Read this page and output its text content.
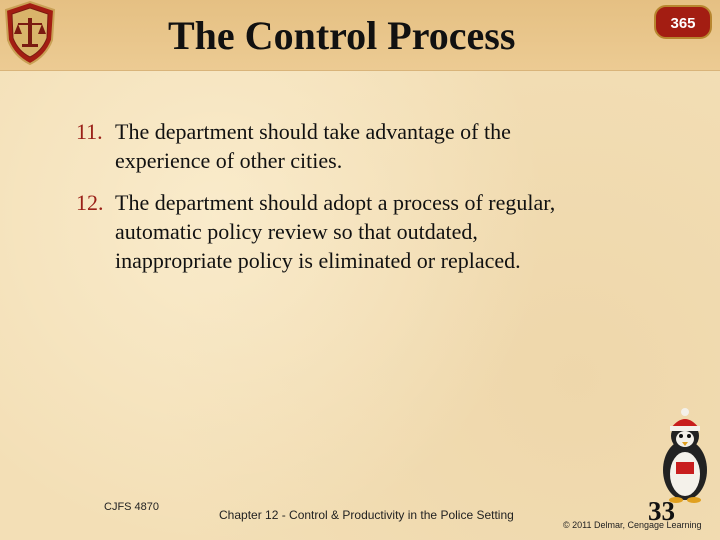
The Control Process	365
11. The department should take advantage of the
experience of other cities.
12. The department should adopt a process of regular,
automatic policy review so that outdated,
inappropriate policy is eliminated or replaced.
CJFS 4870
Chapter 12 - Control & Productivity in the Police Setting	33
© 2011 Delmar, Cengage Learning
